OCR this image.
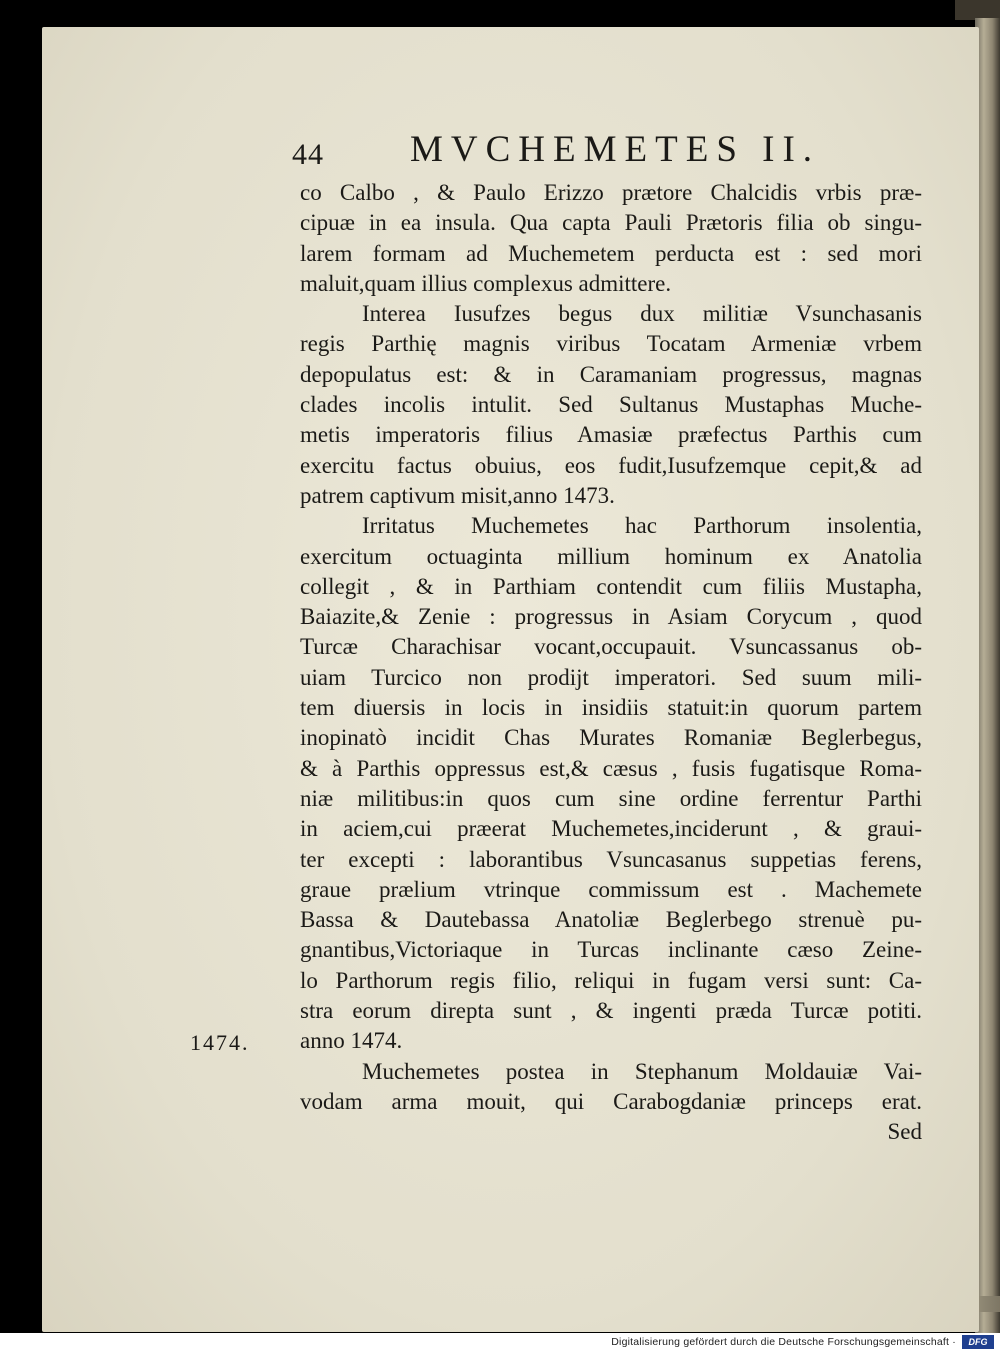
44 MVCHEMETES II.
co Calbo , & Paulo Erizzo prætore Chalcidis vrbis præ-
cipuæ in ea insula. Qua capta Pauli Prætoris filia ob singu-
larem formam ad Muchemetem perducta est : sed mori
maluit,quam illius complexus admittere.
Interea Iusufzes begus dux militiæ Vsunchasanis
regis Parthię magnis viribus Tocatam Armeniæ vrbem
depopulatus est: & in Caramaniam progressus, magnas
clades incolis intulit. Sed Sultanus Mustaphas Muche-
metis imperatoris filius Amasiæ præfectus Parthis cum
exercitu factus obuius, eos fudit,Iusufzemque cepit,& ad
patrem captivum misit,anno 1473.
Irritatus Muchemetes hac Parthorum insolentia,
exercitum octuaginta millium hominum ex Anatolia
collegit , & in Parthiam contendit cum filiis Mustapha,
Baiazite,& Zenie : progressus in Asiam Corycum , quod
Turcæ Charachisar vocant,occupauit. Vsuncassanus ob-
uiam Turcico non prodijt imperatori. Sed suum mili-
tem diuersis in locis in insidiis statuit:in quorum partem
inopinatò incidit Chas Murates Romaniæ Beglerbegus,
& à Parthis oppressus est,& cæsus , fusis fugatisque Roma-
niæ militibus:in quos cum sine ordine ferrentur Parthi
in aciem,cui præerat Muchemetes,inciderunt , & graui-
ter excepti : laborantibus Vsuncasanus suppetias ferens,
graue prælium vtrinque commissum est . Machemete
Bassa & Dautebassa Anatoliæ Beglerbego strenuè pu-
gnantibus,Victoriaque in Turcas inclinante cæso Zeine-
lo Parthorum regis filio, reliqui in fugam versi sunt: Ca-
stra eorum direpta sunt , & ingenti præda Turcæ potiti.
anno 1474.
Muchemetes postea in Stephanum Moldauiæ Vai-
vodam arma mouit, qui Carabogdaniæ princeps erat.
Sed
1474.
Digitalisierung gefördert durch die Deutsche Forschungsgemeinschaft ·	DFG
